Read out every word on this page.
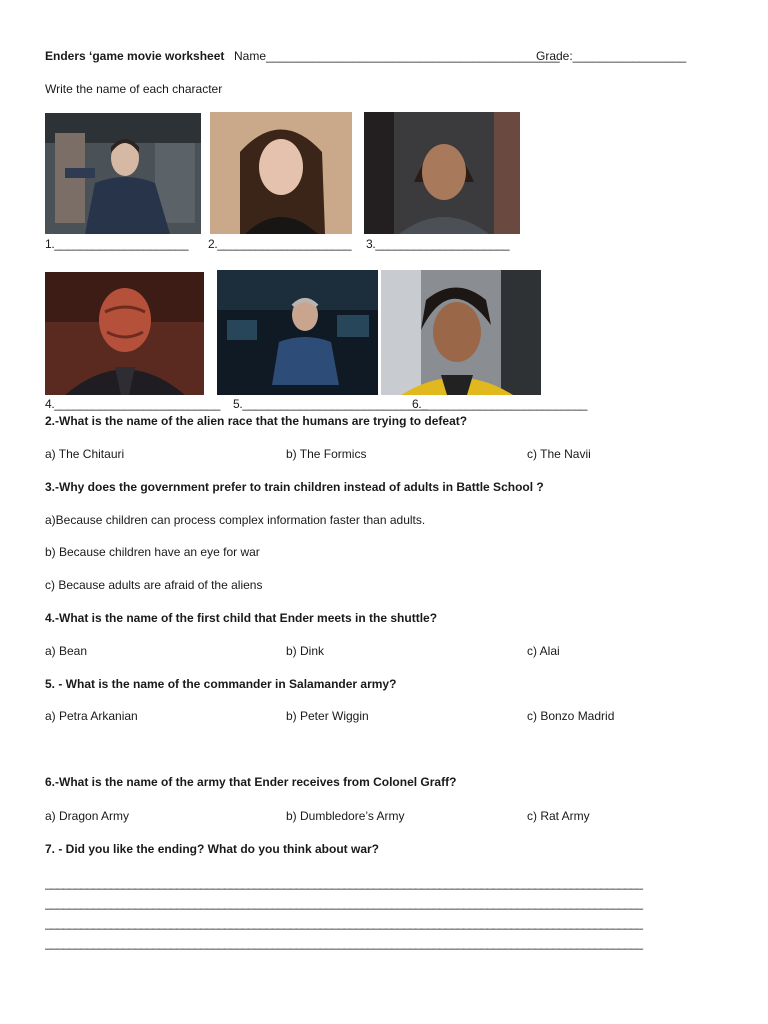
Enders ‘game movie worksheet Name____________________________________________
Grade:_________________
Write the name of each character
1._____________________ 2._____________________ 3._____________________
4.__________________________ 5._____________________________
6.__________________________
2.-What is the name of the alien race that the humans are trying to defeat?
a) The Chitauri	b) The Formics	c) The Navii
3.-Why does the government prefer to train children instead of adults in Battle School ?
a)Because children can process complex information faster than adults.
b) Because children have an eye for war
c) Because adults are afraid of the aliens
4.-What is the name of the first child that Ender meets in the shuttle?
a) Bean	b) Dink	c) Alai
5. - What is the name of the commander in Salamander army?
a) Petra Arkanian	b) Peter Wiggin	c) Bonzo Madrid
6.-What is the name of the army that Ender receives from Colonel Graff?
a) Dragon Army	b) Dumbledore’s Army	c) Rat Army
7. - Did you like the ending? What do you think about war?
____________________________________________________________________________________________________
____________________________________________________________________________________________________
____________________________________________________________________________________________________
____________________________________________________________________________________________________
